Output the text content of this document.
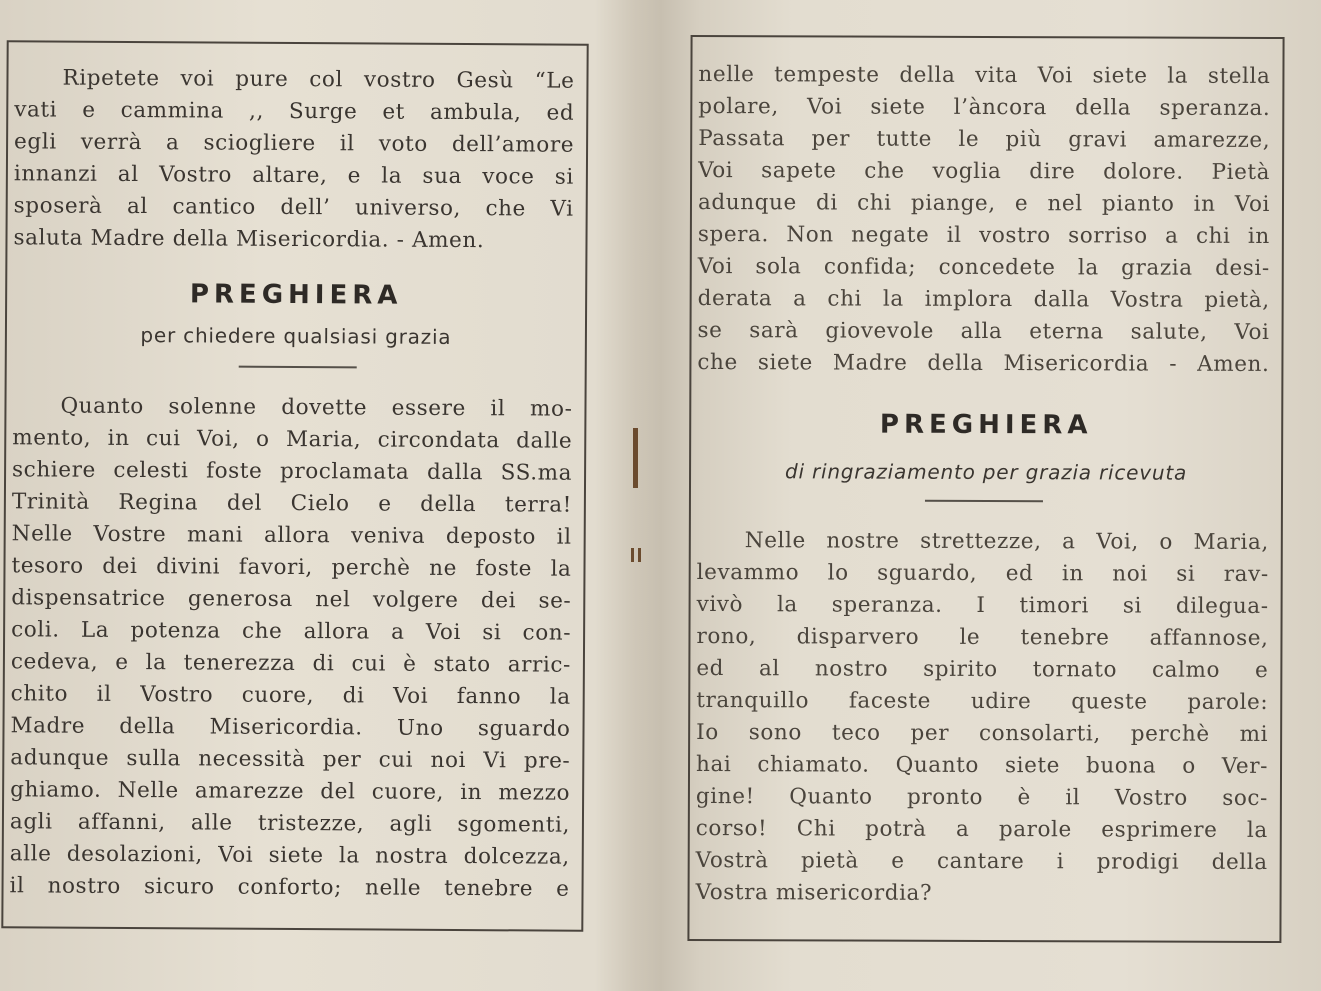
Ripetete voi pure col vostro Gesù “Le
vati e cammina ,, Surge et ambula, ed
egli verrà a sciogliere il voto dell’amore
innanzi al Vostro altare, e la sua voce si
sposerà al cantico dell’ universo, che Vi
saluta Madre della Misericordia. - Amen.
PREGHIERA
per chiedere qualsiasi grazia
Quanto solenne dovette essere il mo-
mento, in cui Voi, o Maria, circondata dalle
schiere celesti foste proclamata dalla SS.ma
Trinità Regina del Cielo e della terra!
Nelle Vostre mani allora veniva deposto il
tesoro dei divini favori, perchè ne foste la
dispensatrice generosa nel volgere dei se-
coli. La potenza che allora a Voi si con-
cedeva, e la tenerezza di cui è stato arric-
chito il Vostro cuore, di Voi fanno la
Madre della Misericordia. Uno sguardo
adunque sulla necessità per cui noi Vi pre-
ghiamo. Nelle amarezze del cuore, in mezzo
agli affanni, alle tristezze, agli sgomenti,
alle desolazioni, Voi siete la nostra dolcezza,
il nostro sicuro conforto; nelle tenebre e
nelle tempeste della vita Voi siete la stella
polare, Voi siete l’àncora della speranza.
Passata per tutte le più gravi amarezze,
Voi sapete che voglia dire dolore. Pietà
adunque di chi piange, e nel pianto in Voi
spera. Non negate il vostro sorriso a chi in
Voi sola confida; concedete la grazia desi-
derata a chi la implora dalla Vostra pietà,
se sarà giovevole alla eterna salute, Voi
che siete Madre della Misericordia - Amen.
PREGHIERA
di ringraziamento per grazia ricevuta
Nelle nostre strettezze, a Voi, o Maria,
levammo lo sguardo, ed in noi si rav-
vivò la speranza. I timori si dilegua-
rono, disparvero le tenebre affannose,
ed al nostro spirito tornato calmo e
tranquillo faceste udire queste parole:
Io sono teco per consolarti, perchè mi
hai chiamato. Quanto siete buona o Ver-
gine! Quanto pronto è il Vostro soc-
corso! Chi potrà a parole esprimere la
Vostrà pietà e cantare i prodigi della
Vostra misericordia?
